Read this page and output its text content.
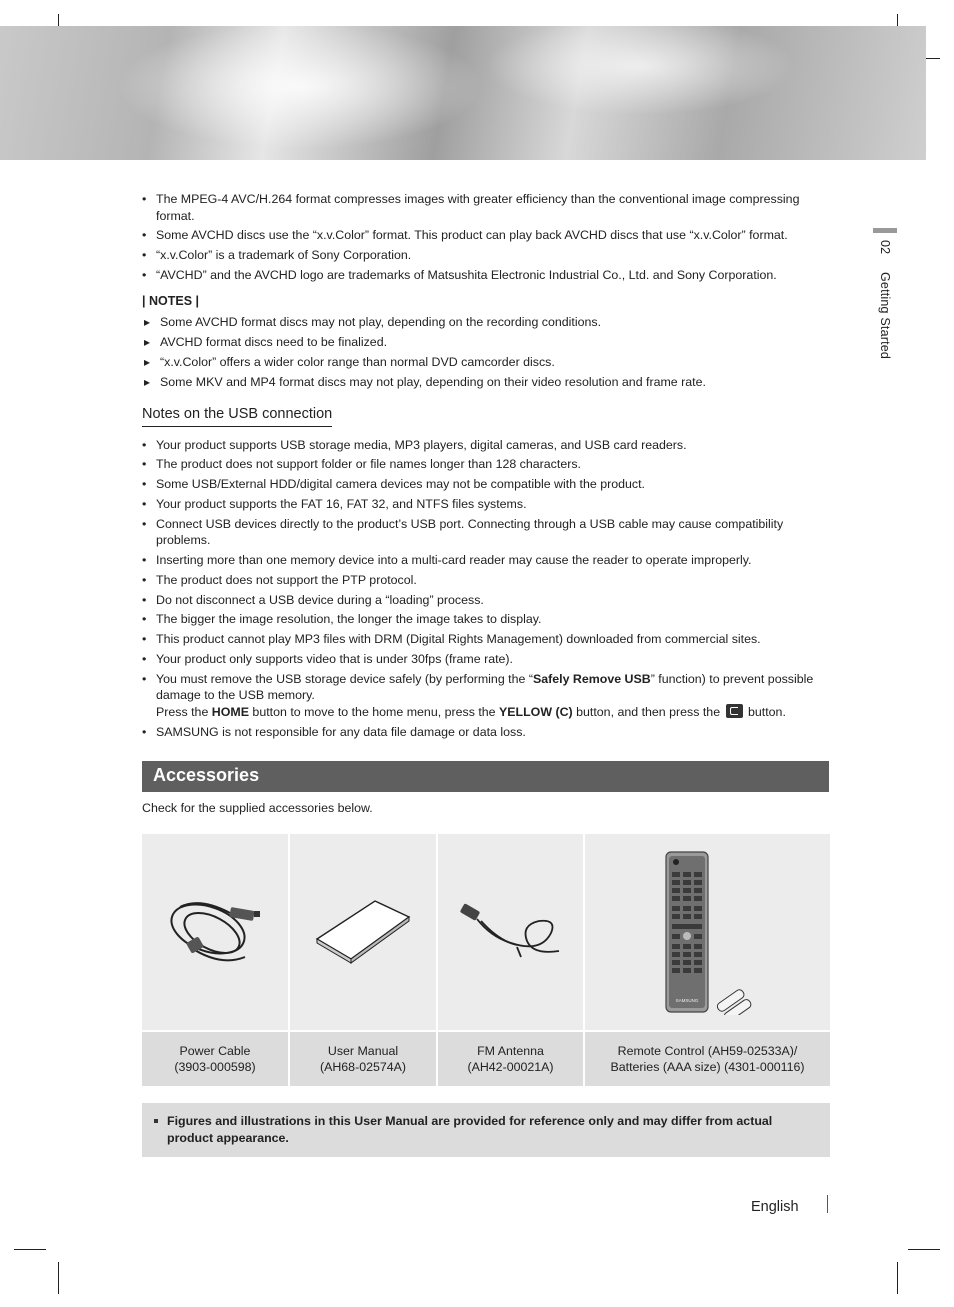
02 Getting Started
• The MPEG-4 AVC/H.264 format compresses images with greater efficiency than the conventional image compressing format.
• Some AVCHD discs use the “x.v.Color” format. This product can play back AVCHD discs that use “x.v.Color” format.
• “x.v.Color” is a trademark of Sony Corporation.
• “AVCHD” and the AVCHD logo are trademarks of Matsushita Electronic Industrial Co., Ltd. and Sony Corporation.
| NOTES |
▸ Some AVCHD format discs may not play, depending on the recording conditions.
▸ AVCHD format discs need to be finalized.
▸ “x.v.Color” offers a wider color range than normal DVD camcorder discs.
▸ Some MKV and MP4 format discs may not play, depending on their video resolution and frame rate.
Notes on the USB connection
• Your product supports USB storage media, MP3 players, digital cameras, and USB card readers.
• The product does not support folder or file names longer than 128 characters.
• Some USB/External HDD/digital camera devices may not be compatible with the product.
• Your product supports the FAT 16, FAT 32, and NTFS files systems.
• Connect USB devices directly to the product’s USB port. Connecting through a USB cable may cause compatibility problems.
• Inserting more than one memory device into a multi-card reader may cause the reader to operate improperly.
• The product does not support the PTP protocol.
• Do not disconnect a USB device during a “loading” process.
• The bigger the image resolution, the longer the image takes to display.
• This product cannot play MP3 files with DRM (Digital Rights Management) downloaded from commercial sites.
• Your product only supports video that is under 30fps (frame rate).
• You must remove the USB storage device safely (by performing the “Safely Remove USB” function) to prevent possible damage to the USB memory.
Press the HOME button to move to the home menu, press the YELLOW (C) button, and then press the  button.
• SAMSUNG is not responsible for any data file damage or data loss.
Accessories
Check for the supplied accessories below.
Power Cable
(3903-000598)
User Manual
(AH68-02574A)
FM Antenna
(AH42-00021A)
SAMSUNG
Remote Control (AH59-02533A)/
Batteries (AAA size) (4301-000116)
Figures and illustrations in this User Manual are provided for reference only and may differ from actual product appearance.
English
